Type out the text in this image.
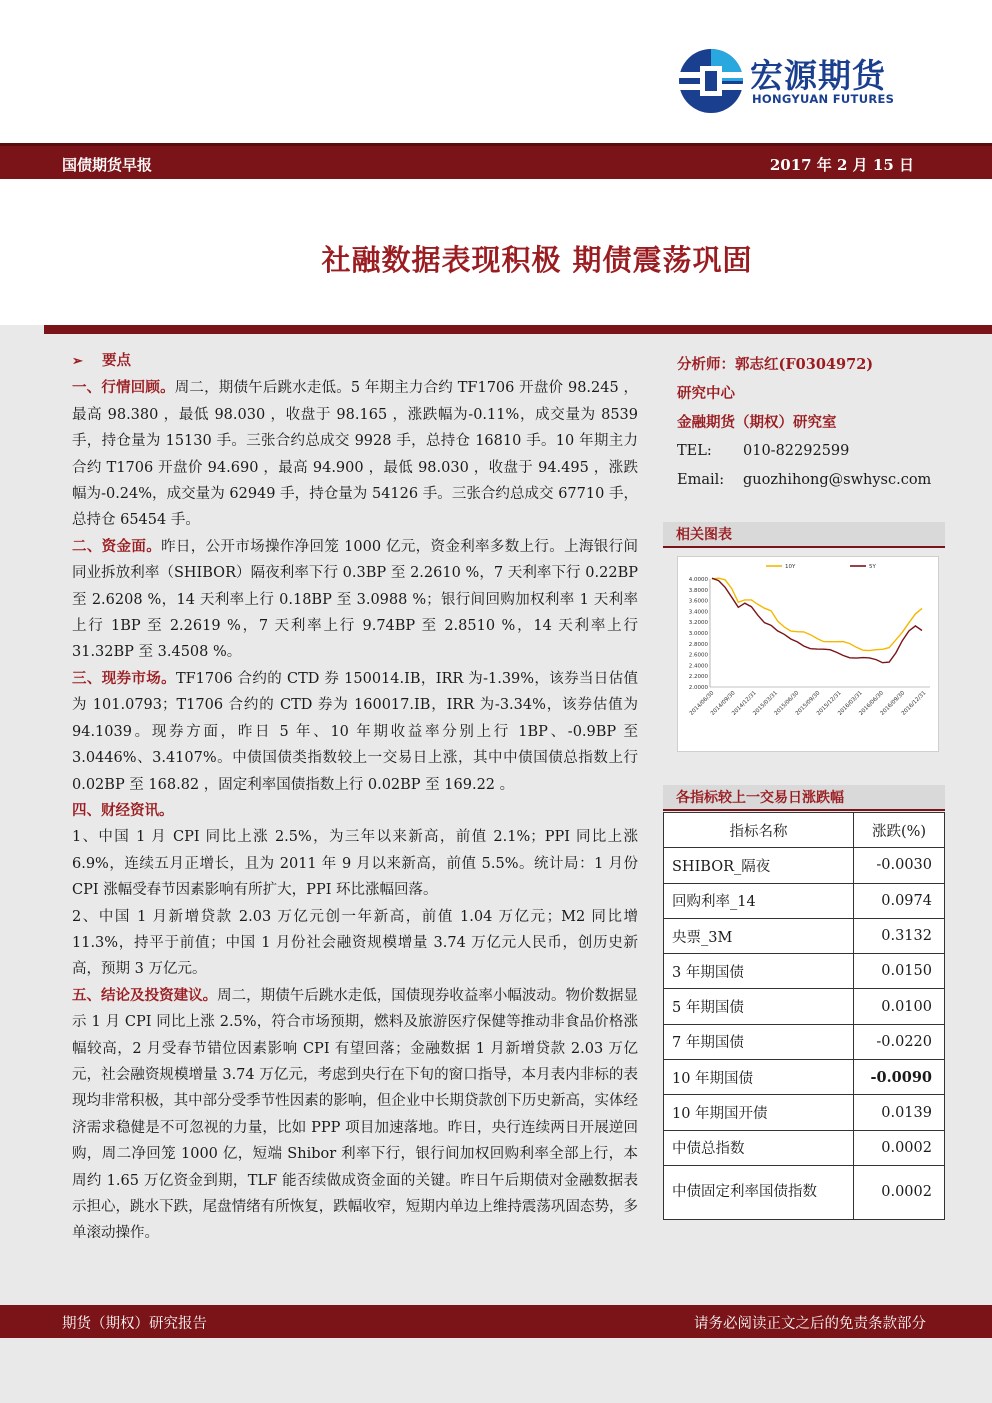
宏源期货
HONGYUAN FUTURES
国债期货早报	2017 年 2 月 15 日
社融数据表现积极 期债震荡巩固

➢ 要点

一、行情回顾。周二，期债午后跳水走低。5 年期主力合约 TF1706 开盘价 98.245 ，最高 98.380 ，最低 98.030 ，收盘于 98.165 ，涨跌幅为-0.11%，成交量为 8539 手，持仓量为 15130 手。三张合约总成交 9928 手，总持仓 16810 手。10 年期主力合约 T1706 开盘价 94.690 ，最高 94.900 ，最低 98.030 ，收盘于 94.495 ，涨跌幅为-0.24%，成交量为 62949 手，持仓量为 54126 手。三张合约总成交 67710 手，总持仓 65454 手。

二、资金面。昨日，公开市场操作净回笼 1000 亿元，资金利率多数上行。上海银行间同业拆放利率（SHIBOR）隔夜利率下行 0.3BP 至 2.2610 %，7 天利率下行 0.22BP 至 2.6208 %，14 天利率上行 0.18BP 至 3.0988 %；银行间回购加权利率 1 天利率上行 1BP 至 2.2619 %，7 天利率上行 9.74BP 至 2.8510 %，14 天利率上行 31.32BP 至 3.4508 %。

三、现券市场。TF1706 合约的 CTD 券 150014.IB，IRR 为-1.39%，该券当日估值为 101.0793；T1706 合约的 CTD 券为 160017.IB，IRR 为-3.34%，该券估值为 94.1039。现券方面，昨日 5 年、10 年期收益率分别上行 1BP、-0.9BP 至 3.0446%、3.4107%。中债国债类指数较上一交易日上涨，其中中债国债总指数上行 0.02BP 至 168.82 ，固定利率国债指数上行 0.02BP 至 169.22 。

四、财经资讯。

1、中国 1 月 CPI 同比上涨 2.5%，为三年以来新高，前值 2.1%；PPI 同比上涨 6.9%，连续五月正增长，且为 2011 年 9 月以来新高，前值 5.5%。统计局：1 月份 CPI 涨幅受春节因素影响有所扩大，PPI 环比涨幅回落。

2、中国 1 月新增贷款 2.03 万亿元创一年新高，前值 1.04 万亿元；M2 同比增 11.3%，持平于前值；中国 1 月份社会融资规模增量 3.74 万亿元人民币，创历史新高，预期 3 万亿元。

五、结论及投资建议。周二，期债午后跳水走低，国债现券收益率小幅波动。物价数据显示 1 月 CPI 同比上涨 2.5%，符合市场预期，燃料及旅游医疗保健等推动非食品价格涨幅较高，2 月受春节错位因素影响 CPI 有望回落；金融数据 1 月新增贷款 2.03 万亿元，社会融资规模增量 3.74 万亿元，考虑到央行在下旬的窗口指导，本月表内非标的表现均非常积极，其中部分受季节性因素的影响，但企业中长期贷款创下历史新高，实体经济需求稳健是不可忽视的力量，比如 PPP 项目加速落地。昨日，央行连续两日开展逆回购，周二净回笼 1000 亿，短端 Shibor 利率下行，银行间加权回购利率全部上行，本周约 1.65 万亿资金到期，TLF 能否续做成资金面的关键。昨日午后期债对金融数据表示担心，跳水下跌，尾盘情绪有所恢复，跌幅收窄，短期内单边上维持震荡巩固态势，多单滚动操作。

分析师：郭志红(F0304972)
研究中心
金融期货（期权）研究室
TEL: 010-82292599
Email: guozhihong@swhysc.com
相关图表
4.0000
3.8000
3.6000
3.4000
3.2000
3.0000
2.8000
2.6000
2.4000
2.2000
2.0000
2014/06/30
2014/09/30
2014/12/31
2015/03/31
2015/06/30
2015/09/30
2015/12/31
2016/03/31
2016/06/30
2016/09/30
2016/12/31
10Y	5Y
各指标较上一交易日涨跌幅
指标名称	涨跌(%)
SHIBOR_隔夜	-0.0030
回购利率_14	0.0974
央票_3M	0.3132
3 年期国债	0.0150
5 年期国债	0.0100
7 年期国债	-0.0220
10 年期国债	-0.0090
10 年期国开债	0.0139
中债总指数	0.0002
中债固定利率国债指数	0.0002
期货（期权）研究报告	请务必阅读正文之后的免责条款部分
